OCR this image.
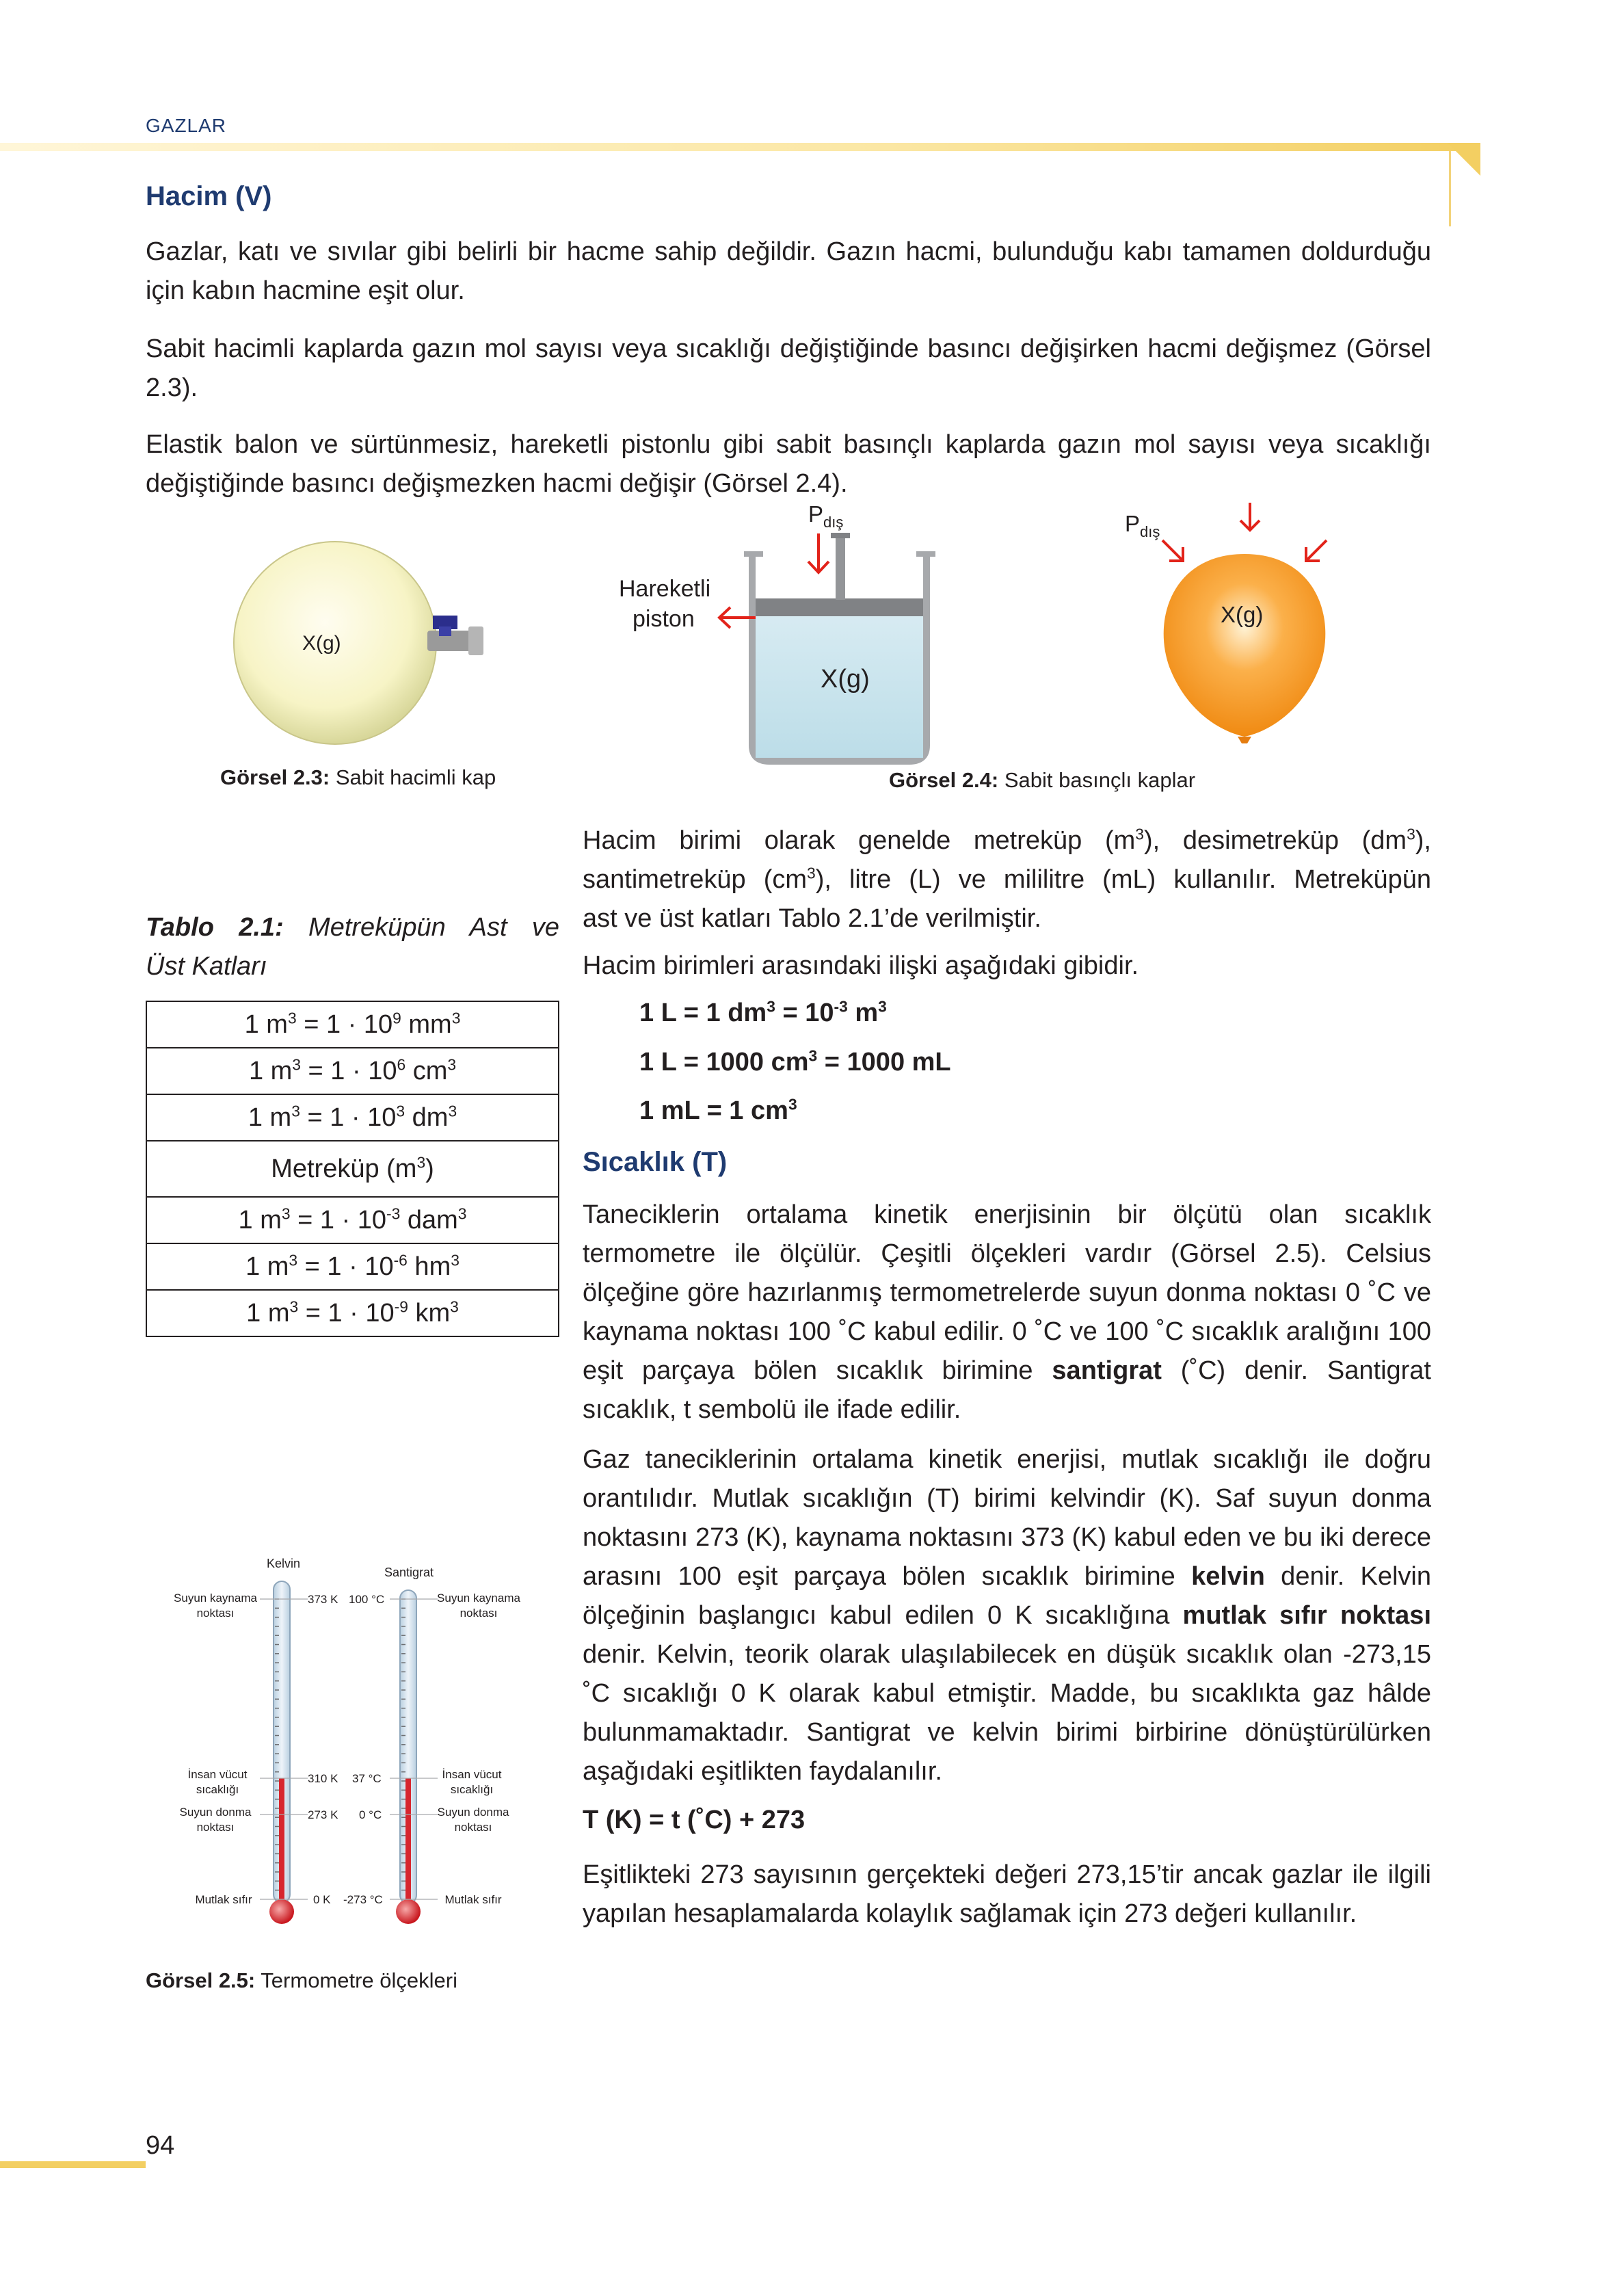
GAZLAR
Hacim (V)
Gazlar, katı ve sıvılar gibi belirli bir hacme sahip değildir. Gazın hacmi, bulunduğu kabı tamamen doldurduğu için kabın hacmine eşit olur.
Sabit hacimli kaplarda gazın mol sayısı veya sıcaklığı değiştiğinde basıncı değişirken hacmi değişmez (Görsel 2.3).
Elastik balon ve sürtünmesiz, hareketli pistonlu gibi sabit basınçlı kaplarda gazın mol sayısı veya sıcaklığı değiştiğinde basıncı değişmezken hacmi değişir (Görsel 2.4).
X(g)
Görsel 2.3: Sabit hacimli kap
X(g)
$P_{dış}$
Hareketli
piston	X(g)
$P_{dış}$
Görsel 2.4: Sabit basınçlı kaplar
Hacim birimi olarak genelde metreküp $(m^3)$, desimetreküp $(dm^3)$,
santimetreküp $(cm^3)$, litre (L) ve mililitre (mL) kullanılır. Metreküpün
ast ve üst katları Tablo 2.1’de verilmiştir.
Hacim birimleri arasındaki ilişki aşağıdaki gibidir.
1 L = 1 $dm^3 = 10^{-3}$ $m^3$
1 L = 1000 $cm^3 = 1000$ mL
1 mL = 1 $cm^3$
Tablo 2.1: Metreküpün Ast ve
Üst Katları
1 $m^3 = 1 \cdot 10^9$ $mm^3$
1 $m^3 = 1 \cdot 10^6$ $cm^3$
1 $m^3 = 1 \cdot 10^3$ $dm^3$
Metreküp $(m^3)$
1 $m^3 = 1 \cdot 10^{-3}$ dam$^3$
1 $m^3 = 1 \cdot 10^{-6}$ $hm^3$
1 $m^3 = 1 \cdot 10^{-9}$ $km^3$
Sıcaklık (T)
Taneciklerin ortalama kinetik enerjisinin bir ölçütü olan sıcaklık termometre ile ölçülür. Çeşitli ölçekleri vardır (Görsel 2.5). Celsius ölçeğine göre hazırlanmış termometrelerde suyun donma noktası 0 ˚C ve kaynama noktası 100 ˚C kabul edilir. 0 ˚C ve 100 ˚C sıcaklık aralığını 100 eşit parçaya bölen sıcaklık birimine santigrat (˚C) denir. Santigrat sıcaklık, t sembolü ile ifade edilir.
Gaz taneciklerinin ortalama kinetik enerjisi, mutlak sıcaklığı ile doğru orantılıdır. Mutlak sıcaklığın (T) birimi kelvindir (K). Saf suyun donma noktasını 273 (K), kaynama noktasını 373 (K) kabul eden ve bu iki derece arasını 100 eşit parçaya bölen sıcaklık birimine kelvin denir. Kelvin ölçeğinin başlangıcı kabul edilen 0 K sıcaklığına mutlak sıfır noktası denir. Kelvin, teorik olarak ulaşılabilecek en düşük sıcaklık olan -273,15 ˚C sıcaklığı 0 K olarak kabul etmiştir. Madde, bu sıcaklıkta gaz hâlde bulunmamaktadır. Santigrat ve kelvin birimi birbirine dönüştürülürken aşağıdaki eşitlikten faydalanılır.
T (K) = t (˚C) + 273
Eşitlikteki 273 sayısının gerçekteki değeri 273,15’tir ancak gazlar ile ilgili yapılan hesaplamalarda kolaylık sağlamak için 273 değeri kullanılır.
Kelvin
Santigrat
Suyun kaynama
noktası
İnsan vücut
sıcaklığı
Suyun donma
noktası
Mutlak sıfır
Suyun kaynama
noktası
İnsan vücut
sıcaklığı
Suyun donma
noktası
Mutlak sıfır
373 K 100 °C
310 K 37 °C
273 K 0 °C
0 K -273 °C
Görsel 2.5: Termometre ölçekleri
94
